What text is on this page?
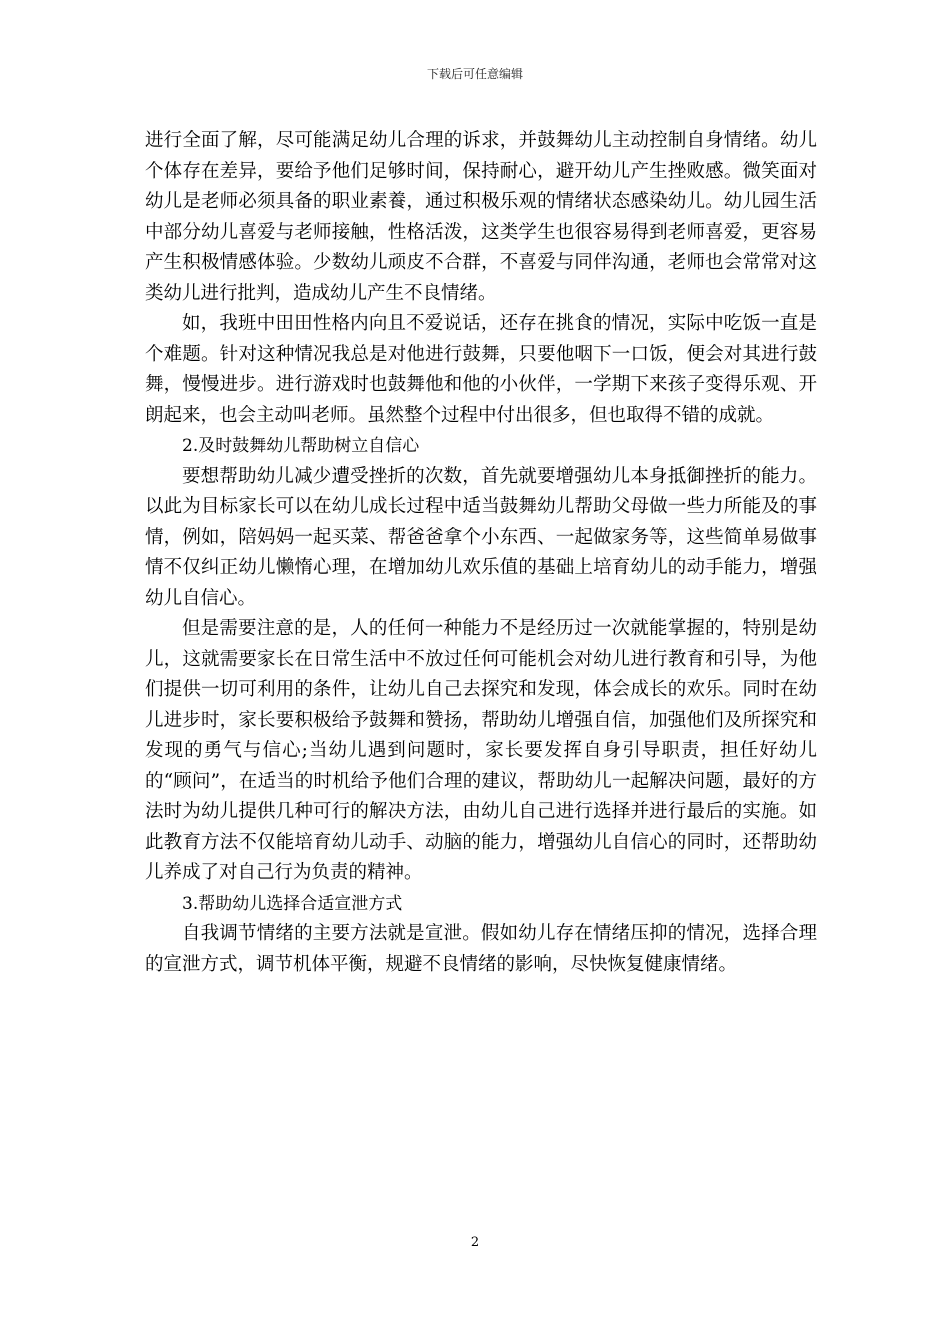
下载后可任意编辑

进行全面了解，尽可能满足幼儿合理的诉求，并鼓舞幼儿主动控制自身情绪。幼儿个体存在差异，要给予他们足够时间，保持耐心，避开幼儿产生挫败感。微笑面对幼儿是老师必须具备的职业素養，通过积极乐观的情绪状态感染幼儿。幼儿园生活中部分幼儿喜爱与老师接触，性格活泼，这类学生也很容易得到老师喜爱，更容易产生积极情感体验。少数幼儿顽皮不合群，不喜爱与同伴沟通，老师也会常常对这类幼儿进行批判，造成幼儿产生不良情绪。

如，我班中田田性格内向且不爱说话，还存在挑食的情况，实际中吃饭一直是个难题。针对这种情况我总是对他进行鼓舞，只要他咽下一口饭，便会对其进行鼓舞，慢慢进步。进行游戏时也鼓舞他和他的小伙伴，一学期下来孩子变得乐观、开朗起来，也会主动叫老师。虽然整个过程中付出很多，但也取得不错的成就。

2.及时鼓舞幼儿帮助树立自信心

要想帮助幼儿减少遭受挫折的次数，首先就要增强幼儿本身抵御挫折的能力。以此为目标家长可以在幼儿成长过程中适当鼓舞幼儿帮助父母做一些力所能及的事情，例如，陪妈妈一起买菜、帮爸爸拿个小东西、一起做家务等，这些简单易做事情不仅纠正幼儿懒惰心理，在增加幼儿欢乐值的基础上培育幼儿的动手能力，增强幼儿自信心。

但是需要注意的是，人的任何一种能力不是经历过一次就能掌握的，特别是幼儿，这就需要家长在日常生活中不放过任何可能机会对幼儿进行教育和引导，为他们提供一切可利用的条件，让幼儿自己去探究和发现，体会成长的欢乐。同时在幼儿进步时，家长要积极给予鼓舞和赞扬，帮助幼儿增强自信，加强他们及所探究和发现的勇气与信心;当幼儿遇到问题时，家长要发挥自身引导职责，担任好幼儿的“顾问”，在适当的时机给予他们合理的建议，帮助幼儿一起解决问题，最好的方法时为幼儿提供几种可行的解决方法，由幼儿自己进行选择并进行最后的实施。如此教育方法不仅能培育幼儿动手、动脑的能力，增强幼儿自信心的同时，还帮助幼儿养成了对自己行为负责的精神。

3.帮助幼儿选择合适宣泄方式

自我调节情绪的主要方法就是宣泄。假如幼儿存在情绪压抑的情况，选择合理的宣泄方式，调节机体平衡，规避不良情绪的影响，尽快恢复健康情绪。

2
